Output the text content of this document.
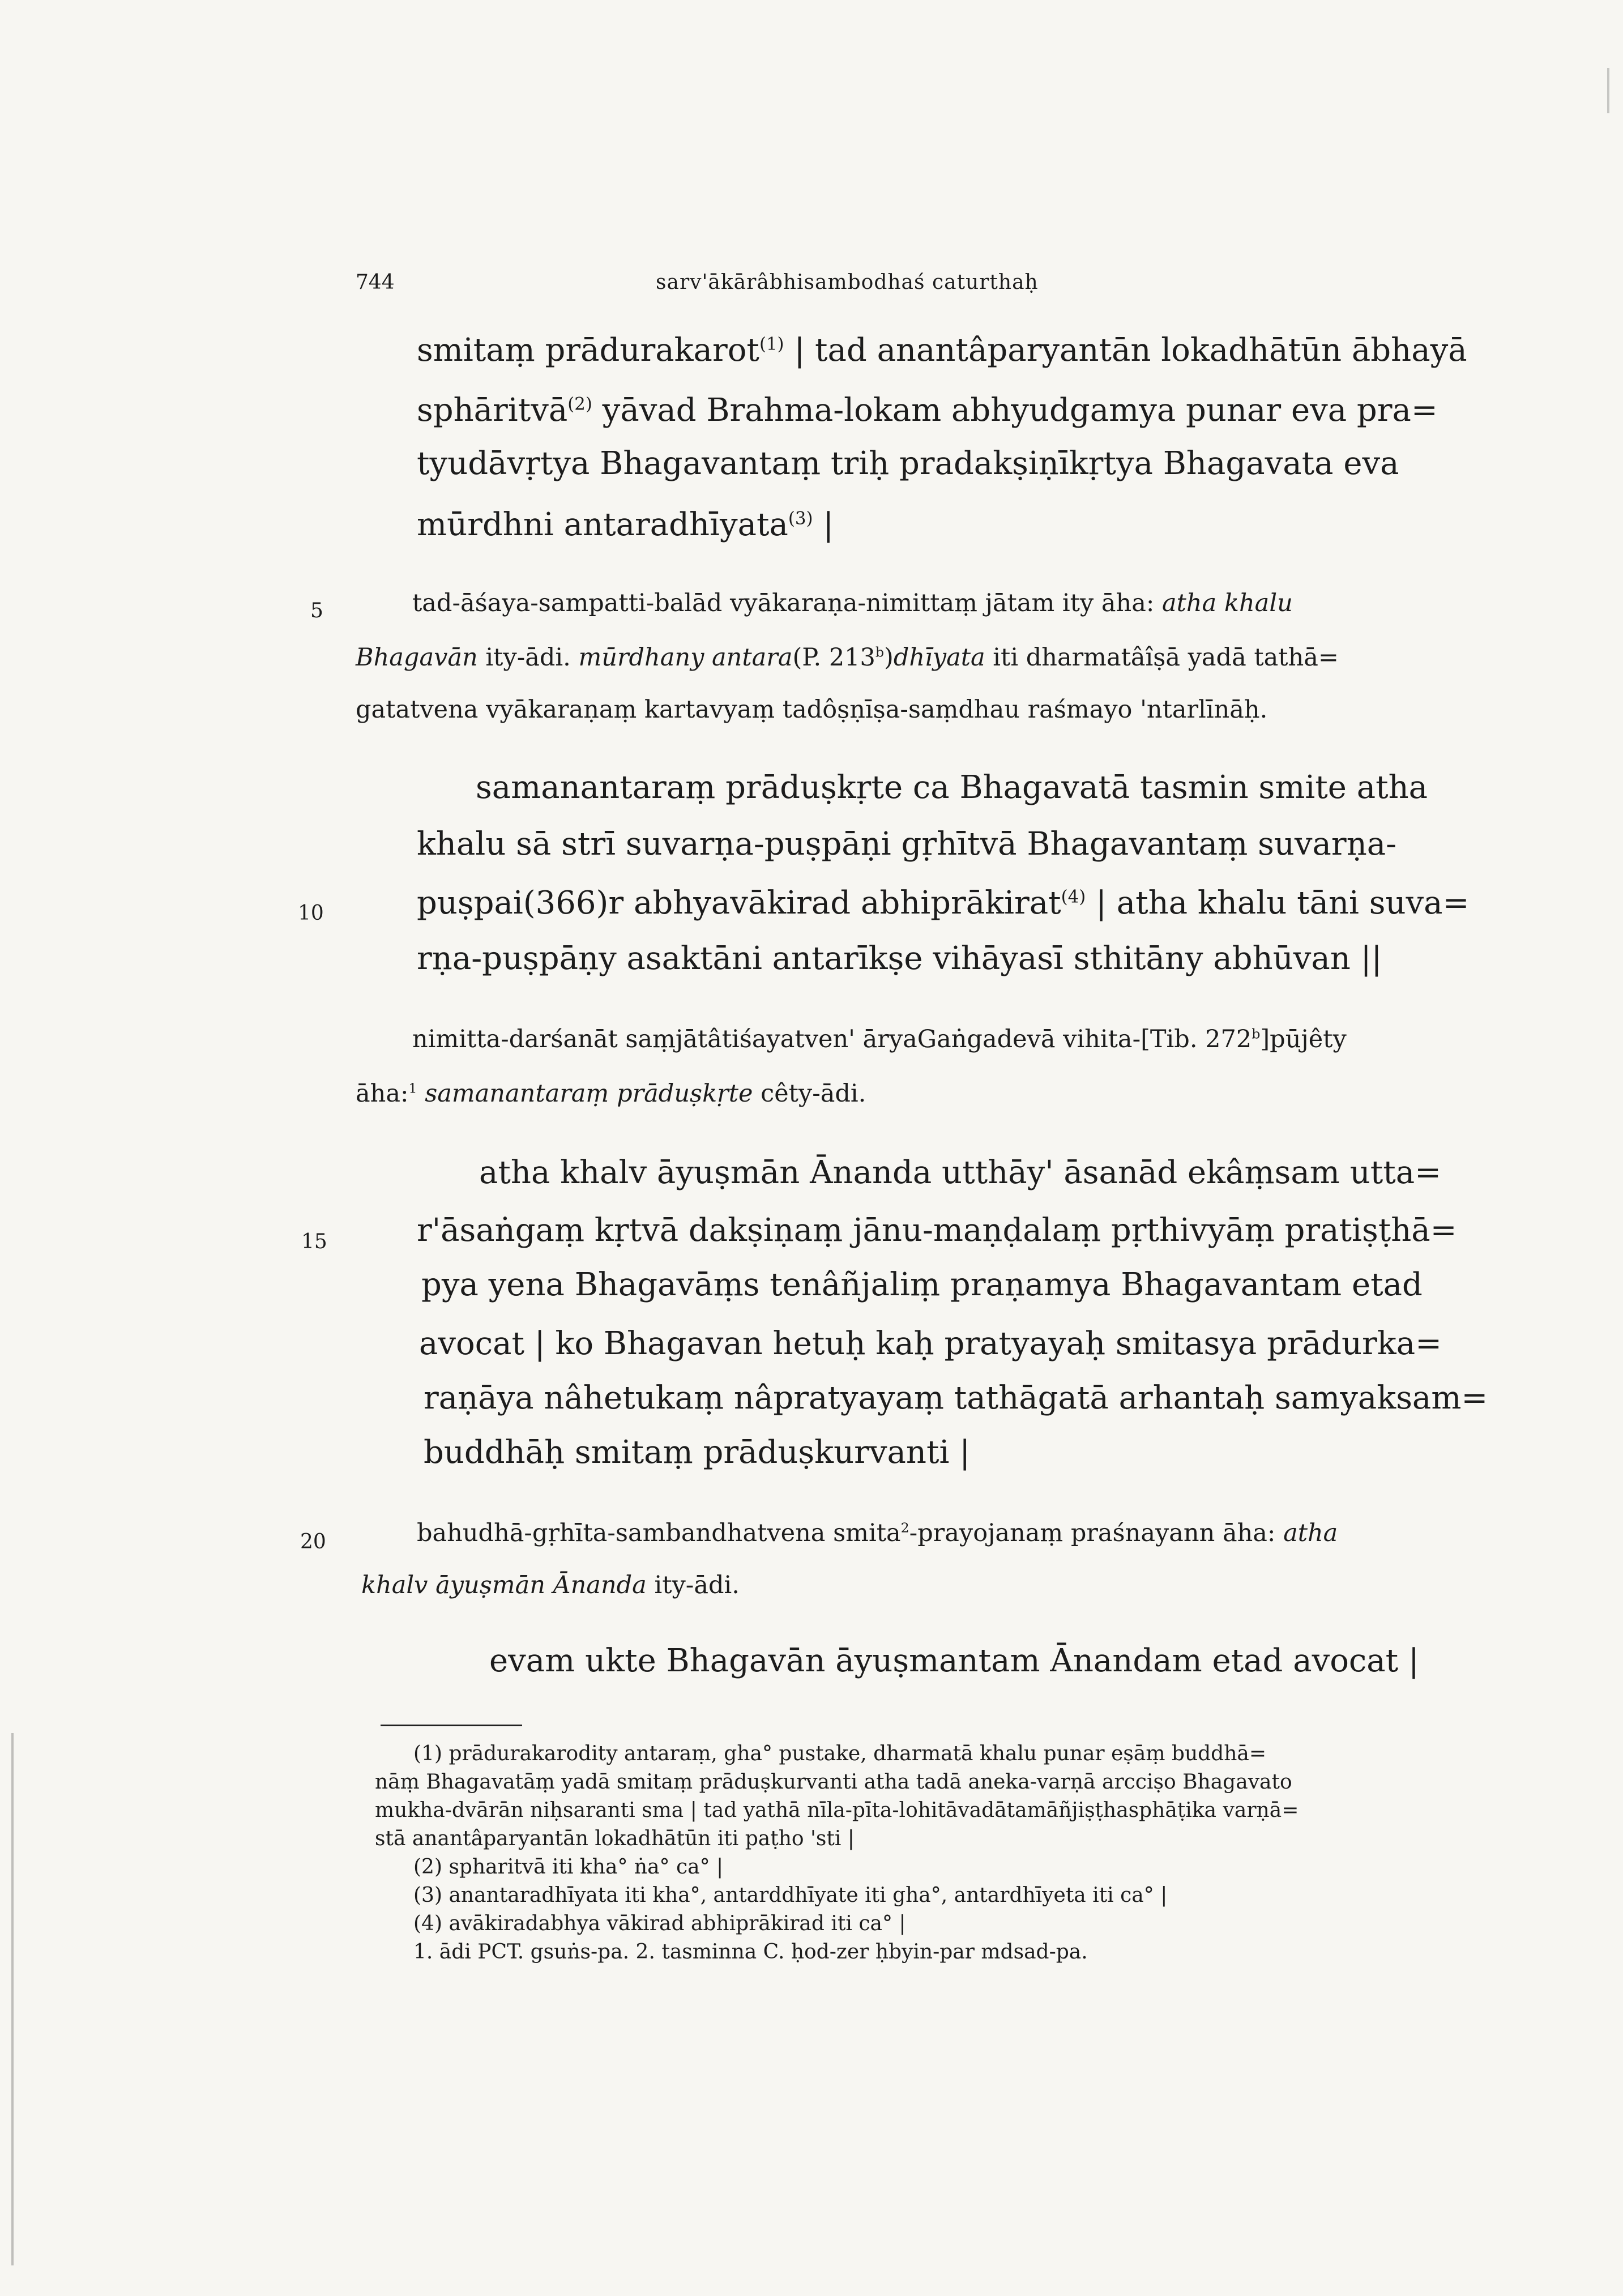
744	sarv'ākārâbhisambodhaś caturthaḥ
5
10
15
20
smitaṃ prādurakarot$^{(1)}$ | tad anantâparyantān lokadhātūn ābhayā
sphāritvā$^{(2)}$ yāvad Brahma-lokam abhyudgamya punar eva pra=
tyudāvṛtya Bhagavantaṃ triḥ pradakṣiṇīkṛtya Bhagavata eva
mūrdhni antaradhīyata$^{(3)}$ |
tad-āśaya-sampatti-balād vyākaraṇa-nimittaṃ jātam ity āha: atha khalu
Bhagavān ity-ādi. mūrdhany antara(P. 213$^b$)dhīyata iti dharmatâîṣā yadā tathā=
gatatvena vyākaraṇaṃ kartavyaṃ tadôṣṇīṣa-saṃdhau raśmayo 'ntarlīnāḥ.
samanantaraṃ prāduṣkṛte ca Bhagavatā tasmin smite atha
khalu sā strī suvarṇa-puṣpāṇi gṛhītvā Bhagavantaṃ suvarṇa-
puṣpai(366)r abhyavākirad abhiprākirat$^{(4)}$ | atha khalu tāni suva=
rṇa-puṣpāṇy asaktāni antarīkṣe vihāyasī sthitāny abhūvan ||
nimitta-darśanāt saṃjātâtiśayatven' āryaGaṅgadevā vihita-[Tib. 272$^b$]pūjêty
āha:$^1$ samanantaraṃ prāduṣkṛte cêty-ādi.
atha khalv āyuṣmān Ānanda utthāy' āsanād ekâṃsam utta=
r'āsaṅgaṃ kṛtvā dakṣiṇaṃ jānu-maṇḍalaṃ pṛthivyāṃ pratiṣṭhā=
pya yena Bhagavāṃs tenâñjaliṃ praṇamya Bhagavantam etad
avocat | ko Bhagavan hetuḥ kaḥ pratyayaḥ smitasya prādurka=
raṇāya nâhetukaṃ nâpratyayaṃ tathāgatā arhantaḥ samyaksam=
buddhāḥ smitaṃ prāduṣkurvanti |
bahudhā-gṛhīta-sambandhatvena smita$^2$-prayojanaṃ praśnayann āha: atha
khalv āyuṣmān Ānanda ity-ādi.
evam ukte Bhagavān āyuṣmantam Ānandam etad avocat |
(1) prādurakarodity antaraṃ, gha° pustake, dharmatā khalu punar eṣāṃ buddhā=
nāṃ Bhagavatāṃ yadā smitaṃ prāduṣkurvanti atha tadā aneka-varṇā arcciṣo Bhagavato
mukha-dvārān niḥsaranti sma | tad yathā nīla-pīta-lohitāvadātamāñjiṣṭhasphāṭika varṇā=
stā anantâparyantān lokadhātūn iti paṭho 'sti |
(2) spharitvā iti kha° ṅa° ca° |
(3) anantaradhīyata iti kha°, antarddhīyate iti gha°, antardhīyeta iti ca° |
(4) avākiradabhya vākirad abhiprākirad iti ca° |
1. ādi PCT. gsuṅs-pa. 2. tasminna C. ḥod-zer ḥbyin-par mdsad-pa.
